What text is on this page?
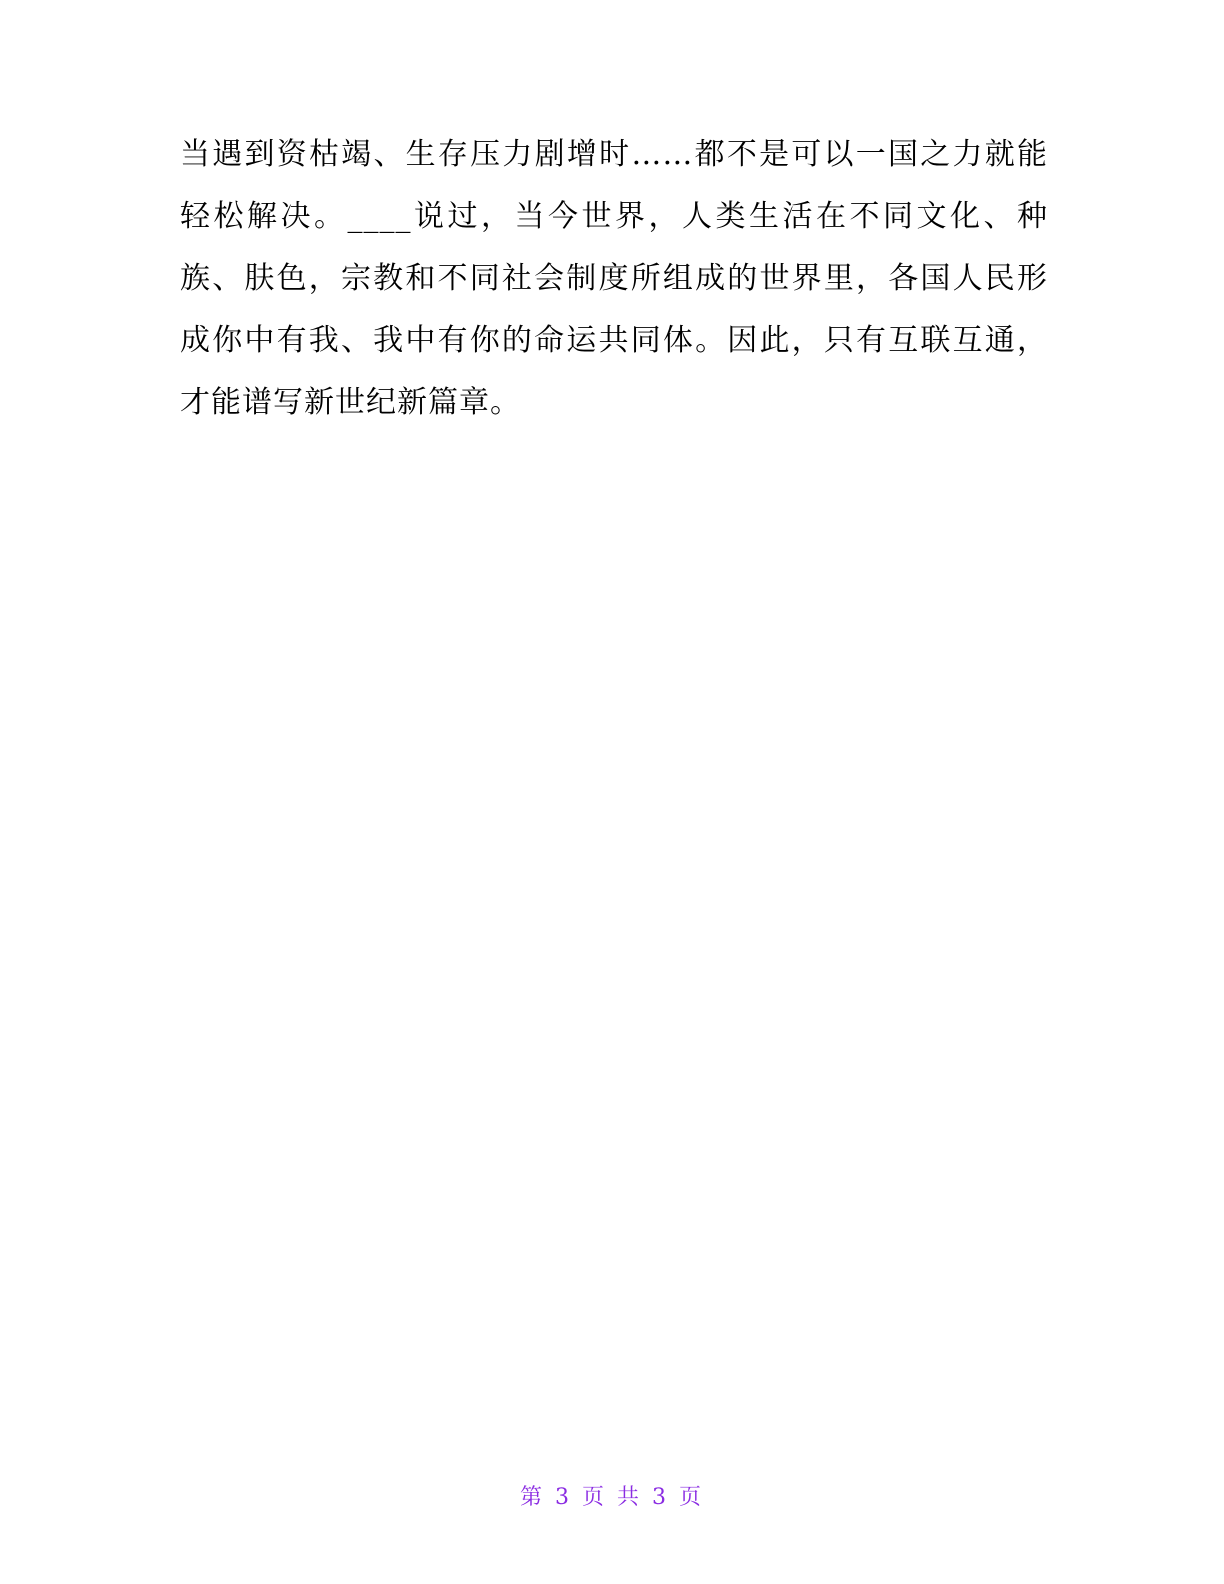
当遇到资枯竭、生存压力剧增时……都不是可以一国之力就能
轻松解决。____说过，当今世界，人类生活在不同文化、种
族、肤色，宗教和不同社会制度所组成的世界里，各国人民形
成你中有我、我中有你的命运共同体。因此，只有互联互通，
才能谱写新世纪新篇章。
第 3 页 共 3 页
